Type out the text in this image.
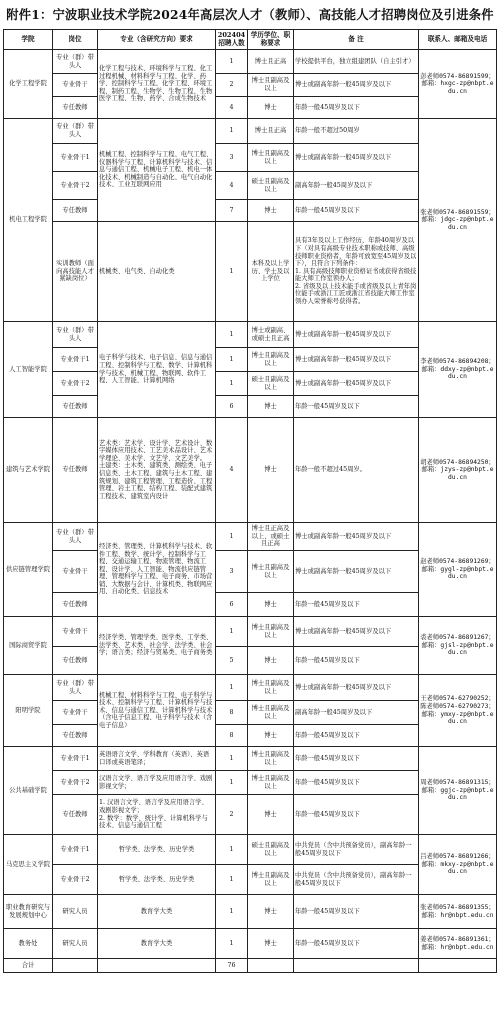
附件1：宁波职业技术学院2024年高层次人才（教师）、高技能人才招聘岗位及引进条件
学院	岗位	专业（含研究方向）要求	202404招聘人数	学历学位、职称要求	备 注	联系人、邮箱及电话
化学工程学院	专业（群）带头人	化学工程与技术、环境科学与工程、化工过程机械、材料科学与工程、化学、药学、控制科学与工程、化学工程、环境工程、制药工程、生物学、生物工程、生物医学工程、生物、药学、合成生物技术	1	博士且正高	学校提供平台，独立组建团队（自主引才）	彭老师0574-86891599；邮箱：hxgc-zp@nbpt.edu.cn
	专业骨干		2	博士且副高及以上	博士或副高年龄一般45周岁及以下	
	专任教师		4	博士	年龄一般45周岁及以下	
机电工程学院	专业（群）带头人	机械工程、控制科学与工程、电气工程、仪器科学与工程、计算机科学与技术、信息与通信工程、机械电子工程、机电一体化技术、机械制造与自动化、电气自动化技术、工业互联网应用	1	博士且正高	年龄一般不超过50周岁	张老师0574-86891559；邮箱：jdgc-zp@nbpt.edu.cn
	专业骨干1		3	博士且副高及以上	博士或副高年龄一般45周岁及以下	
	专业骨干2		4	硕士且副高及以上	副高年龄一般45周岁及以下	
	专任教师		7	博士	年龄一般45周岁及以下	
	实训教师（面向高技能人才紧缺岗位）	机械类、电气类、自动化类	1	本科及以上学历、学士及以上学位	具有3年及以上工作经历，年龄40周岁及以下（对具有高级专业技术职称或技师、高级技师职业资格者，年龄可放宽至45周岁及以下），且符合下列条件：
1. 具有高级技师职业资格证书或获得省级技能大师工作室领办人；
2. 省级及以上技术能手或省级及以上青年岗位能手或浙江工匠或浙江省技能大师工作室领办人荣誉称号获得者。	
人工智能学院	专业（群）带头人	电子科学与技术、电子信息、信息与通信工程、控制科学与工程、数学、计算机科学与技术、机械工程、物联网、软件工程、人工智能、计算机网络	1	博士或副高、或硕士且正高	博士或副高年龄一般45周岁及以下	李老师0574-86894208；邮箱：ddxy-zp@nbpt.edu.cn
	专业骨干1		1	博士且副高及以上	博士或副高年龄一般45周岁及以下	
	专业骨干2		1	硕士且副高及以上	博士或副高年龄一般45周岁及以下	
	专任教师		6	博士	年龄一般45周岁及以下	
建筑与艺术学院	专任教师	艺术类：艺术学、设计学、艺术设计、数字媒体应用技术、工艺美术品设计、艺术学理论、美术学、文艺学、文艺美学。
土建类：土木类、建筑类、测绘类、电子信息类、土木工程、建筑与土木工程、建筑规划、建筑工程管理、工程造价、工程管理、岩土工程、结构工程、装配式建筑工程技术、建筑室内设计	4	博士	年龄一般不超过45周岁。	胡老师0574-86894250；邮箱：jzys-zp@nbpt.edu.cn
供应链管理学院	专业（群）带头人	经济类、管理类、计算机科学与技术、软件工程、数学、统计学、控制科学与工程、交通运输工程、物流管理、物流工程、设计学、人工智能、物流供应链管理、管理科学与工程、电子商务、市场营销、大数据与会计、计算机类、物联网应用、自动化类、信息技术	1	博士且正高及以上、或硕士且正高	博士或副高年龄一般45周岁及以下	赵老师0574-86891269；邮箱：gygl-zp@nbpt.edu.cn
	专业骨干		3	博士且副高及以上	博士或副高年龄一般45周岁及以下	
	专任教师		6	博士	年龄一般45周岁及以下	
国际商贸学院	专业骨干	经济学类、管理学类、医学类、工学类、法学类、艺术类、社会学、法学类、社会学；语言类；经济与贸易类、电子商务类	1	博士且副高及以上	博士或副高年龄一般45周岁及以下	裘老师0574-86891267；邮箱：gjsl-zp@nbpt.edu.cn
	专任教师		5	博士	年龄一般45周岁及以下	
阳明学院	专业（群）带头人	机械工程、材料科学与工程、电子科学与技术、控制科学与工程、计算机科学与技术、信息与通信工程、计算机科学与技术（含电子信息工程、电子科学与技术（含电子信息）	1	博士且副高及以上	博士或副高年龄一般45周岁及以下	王老师0574-62790252；陈老师0574-62790273；邮箱：ymxy-zp@nbpt.edu.cn
	专业骨干		8	博士且副高及以上	副高年龄一般45周岁及以下	
	专任教师		8	博士	年龄一般45周岁及以下	
公共基础学院	专业骨干1	英语语言文学、学科教育（英语）、英语口译或英语笔译；	1	博士且副高及以上	年龄一般45周岁及以下	周老师0574-86891315；邮箱：ggjc-zp@nbpt.edu.cn
	专业骨干2	汉语言文学、语言学及应用语言学、戏剧影视文学；	1	博士且副高及以上	年龄一般45周岁及以下	
	专任教师	1. 汉语言文学、语言学及应用语言学、戏剧影视文学；
2. 数学：数学、统计学、计算机科学与技术、信息与通信工程	2	博士	年龄一般45周岁及以下	
马克思主义学院	专业骨干1	哲学类、法学类、历史学类	1	硕士且副高及以上	中共党员（含中共预备党员），副高年龄一般45周岁及以下	吕老师0574-86891266；邮箱：mkxy-zp@nbpt.edu.cn
	专业骨干2	哲学类、法学类、历史学类	1	博士且副高及以上	中共党员（含中共预备党员），副高年龄一般45周岁及以下	
职业教育研究与发展规划中心	研究人员	教育学大类	1	博士	年龄一般45周岁及以下	张老师0574-86891355；邮箱：hr@nbpt.edu.cn
教务处	研究人员	教育学大类	1	博士	年龄一般45周岁及以下	姜老师0574-86891361；邮箱：hr@nbpt.edu.cn
合计			76			
